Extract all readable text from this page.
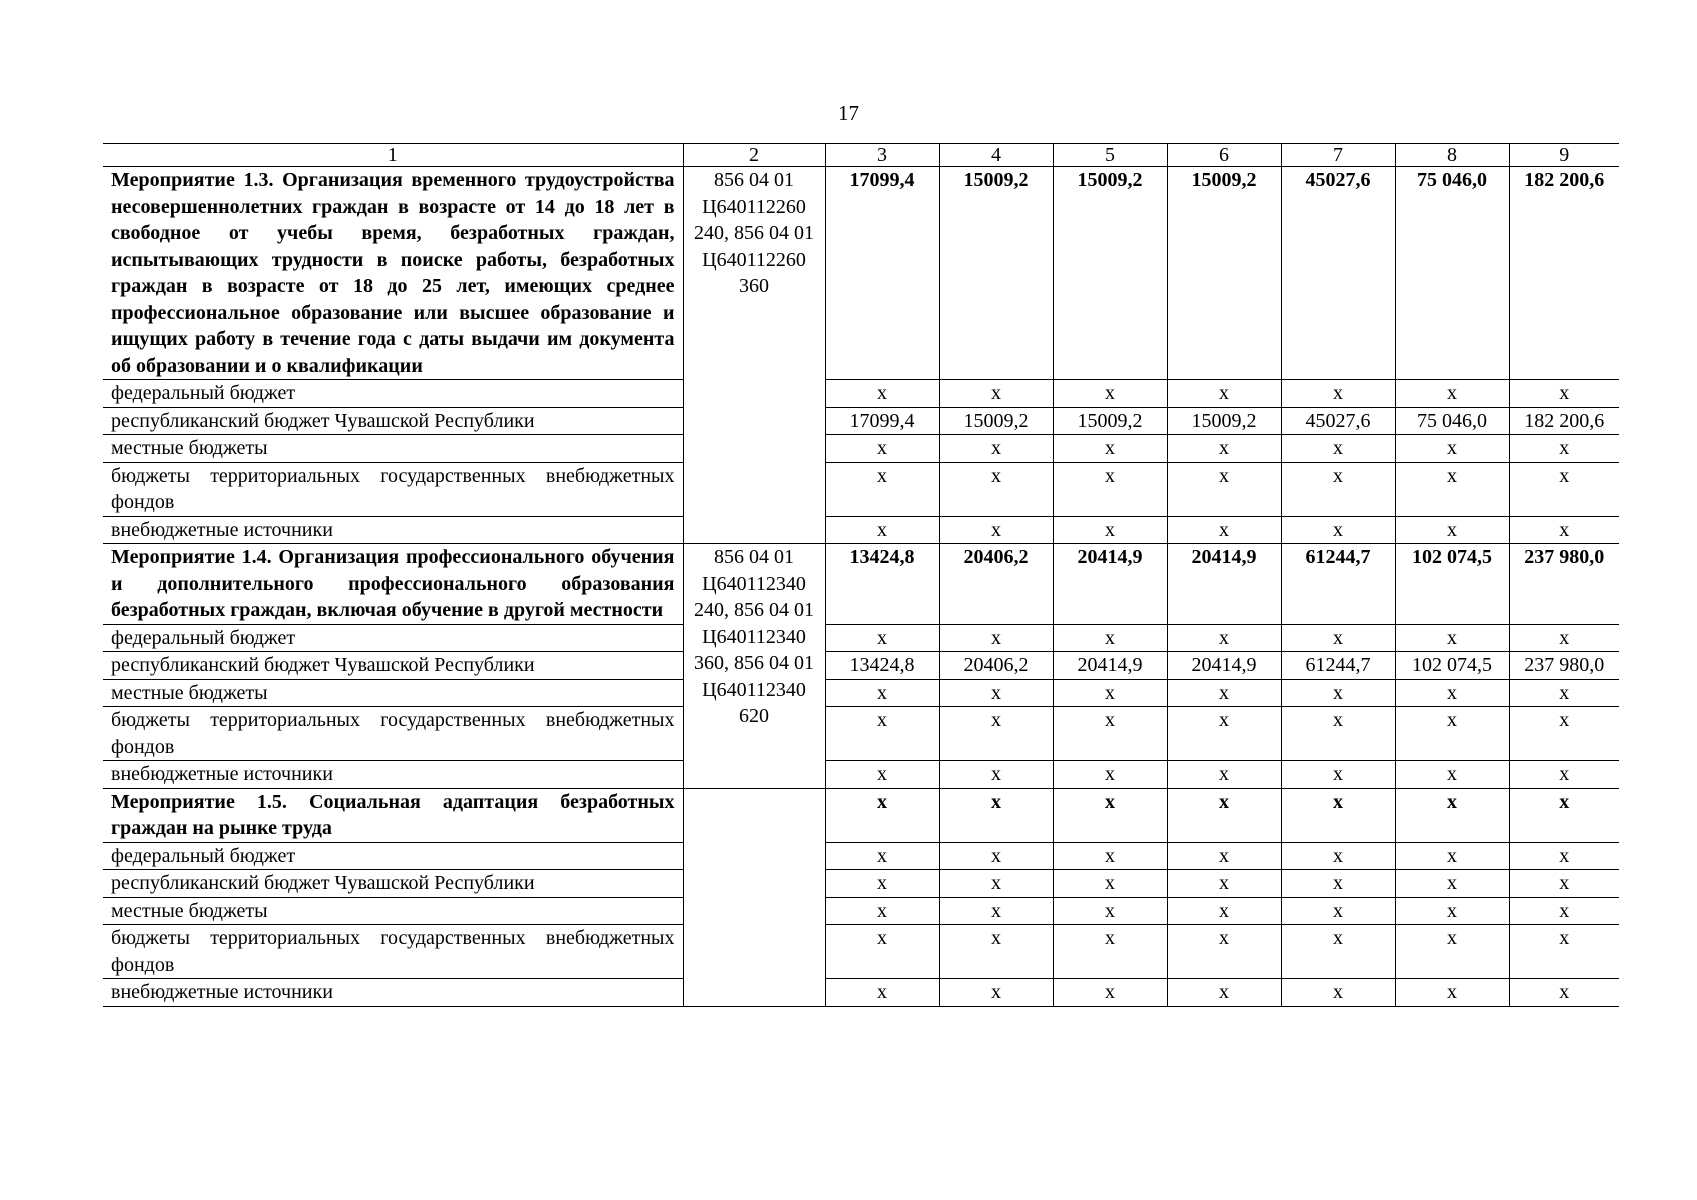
17
1	2	3	4	5	6	7	8	9
Мероприятие 1.3. Организация временного трудоустройства несовершеннолетних граждан в возрасте от 14 до 18 лет в свободное от учебы время, безработных граждан, испытывающих трудности в поиске работы, безработных граждан в возрасте от 18 до 25 лет, имеющих среднее профессиональное образование или высшее образование и ищущих работу в течение года с даты выдачи им документа об образовании и о квалификации	856 04 01 Ц640112260 240, 856 04 01 Ц640112260 360	17099,4	15009,2	15009,2	15009,2	45027,6	75 046,0	182 200,6
федеральный бюджет		x	x	x	x	x	x	x
республиканский бюджет Чувашской Республики		17099,4	15009,2	15009,2	15009,2	45027,6	75 046,0	182 200,6
местные бюджеты		x	x	x	x	x	x	x
бюджеты территориальных государственных внебюджетных фондов		x	x	x	x	x	x	x
внебюджетные источники		x	x	x	x	x	x	x
Мероприятие 1.4. Организация профессионального обучения и дополнительного профессионального образования безработных граждан, включая обучение в другой местности	856 04 01 Ц640112340 240, 856 04 01 Ц640112340 360, 856 04 01 Ц640112340 620	13424,8	20406,2	20414,9	20414,9	61244,7	102 074,5	237 980,0
федеральный бюджет		x	x	x	x	x	x	x
республиканский бюджет Чувашской Республики		13424,8	20406,2	20414,9	20414,9	61244,7	102 074,5	237 980,0
местные бюджеты		x	x	x	x	x	x	x
бюджеты территориальных государственных внебюджетных фондов		x	x	x	x	x	x	x
внебюджетные источники		x	x	x	x	x	x	x
Мероприятие 1.5. Социальная адаптация безработных граждан на рынке труда		x	x	x	x	x	x	x
федеральный бюджет		x	x	x	x	x	x	x
республиканский бюджет Чувашской Республики		x	x	x	x	x	x	x
местные бюджеты		x	x	x	x	x	x	x
бюджеты территориальных государственных внебюджетных фондов		x	x	x	x	x	x	x
внебюджетные источники		x	x	x	x	x	x	x
